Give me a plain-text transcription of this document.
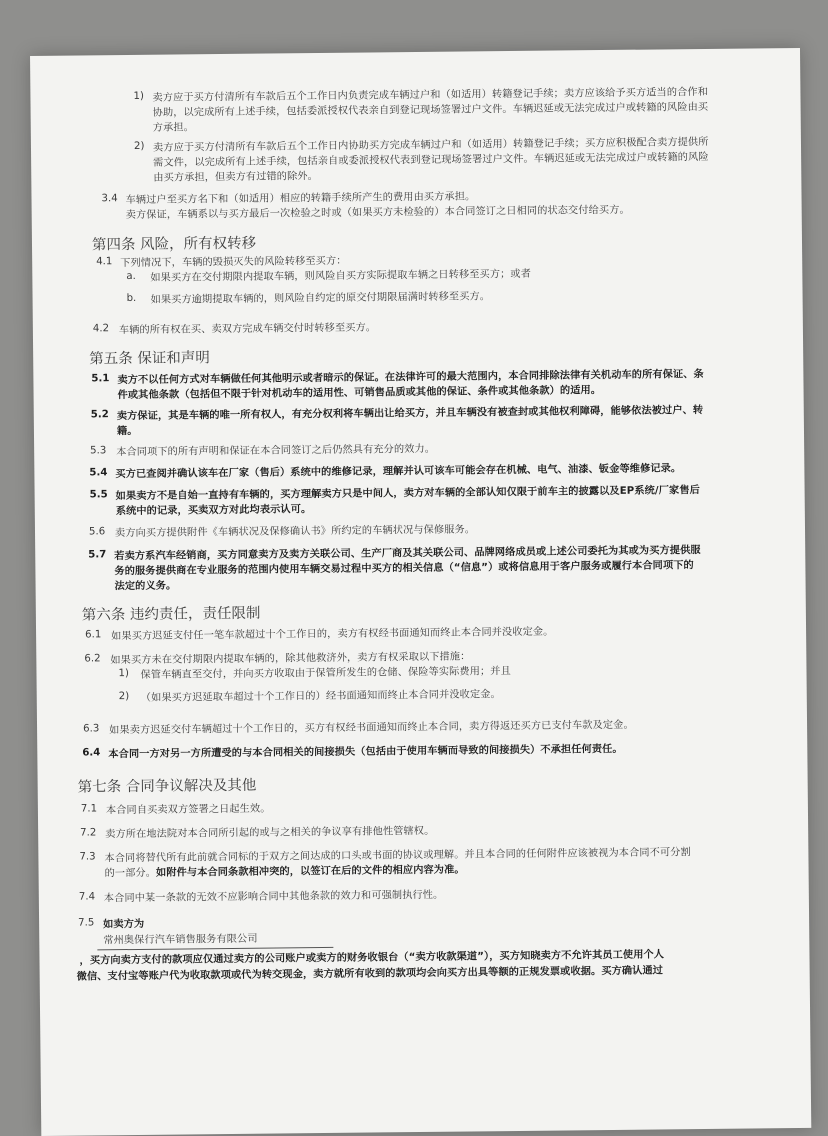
1) 卖方应于买方付清所有车款后五个工作日内负责完成车辆过户和（如适用）转籍登记手续；卖方应该给予买方适当的合作和
协助，以完成所有上述手续，包括委派授权代表亲自到登记现场签署过户文件。车辆迟延或无法完成过户或转籍的风险由买
方承担。
2) 卖方应于买方付清所有车款后五个工作日内协助买方完成车辆过户和（如适用）转籍登记手续；买方应积极配合卖方提供所
需文件，以完成所有上述手续，包括亲自或委派授权代表到登记现场签署过户文件。车辆迟延或无法完成过户或转籍的风险
由买方承担，但卖方有过错的除外。
3.4 车辆过户至买方名下和（如适用）相应的转籍手续所产生的费用由买方承担。
卖方保证，车辆系以与买方最后一次检验之时或（如果买方未检验的）本合同签订之日相同的状态交付给买方。
第四条 风险，所有权转移
4.1 下列情况下，车辆的毁损灭失的风险转移至买方：
a. 如果买方在交付期限内提取车辆，则风险自买方实际提取车辆之日转移至买方；或者
b. 如果买方逾期提取车辆的，则风险自约定的原交付期限届满时转移至买方。
4.2 车辆的所有权在买、卖双方完成车辆交付时转移至买方。
第五条 保证和声明
5.1 卖方不以任何方式对车辆做任何其他明示或者暗示的保证。在法律许可的最大范围内，本合同排除法律有关机动车的所有保证、条
件或其他条款（包括但不限于针对机动车的适用性、可销售品质或其他的保证、条件或其他条款）的适用。
5.2 卖方保证，其是车辆的唯一所有权人，有充分权利将车辆出让给买方，并且车辆没有被查封或其他权利障碍，能够依法被过户、转
籍。
5.3 本合同项下的所有声明和保证在本合同签订之后仍然具有充分的效力。
5.4 买方已查阅并确认该车在厂家（售后）系统中的维修记录，理解并认可该车可能会存在机械、电气、油漆、钣金等维修记录。
5.5 如果卖方不是自始一直持有车辆的，买方理解卖方只是中间人，卖方对车辆的全部认知仅限于前车主的披露以及EP系统/厂家售后
系统中的记录，买卖双方对此均表示认可。
5.6 卖方向买方提供附件《车辆状况及保修确认书》所约定的车辆状况与保修服务。
5.7 若卖方系汽车经销商，买方同意卖方及卖方关联公司、生产厂商及其关联公司、品牌网络成员或上述公司委托为其或为买方提供服
务的服务提供商在专业服务的范围内使用车辆交易过程中买方的相关信息（“信息”）或将信息用于客户服务或履行本合同项下的
法定的义务。
第六条 违约责任，责任限制
6.1 如果买方迟延支付任一笔车款超过十个工作日的，卖方有权经书面通知而终止本合同并没收定金。
6.2 如果买方未在交付期限内提取车辆的，除其他救济外，卖方有权采取以下措施：
1) 保管车辆直至交付，并向买方收取由于保管所发生的仓储、保险等实际费用；并且
2) （如果买方迟延取车超过十个工作日的）经书面通知而终止本合同并没收定金。
6.3 如果卖方迟延交付车辆超过十个工作日的，买方有权经书面通知而终止本合同，卖方得返还买方已支付车款及定金。
6.4 本合同一方对另一方所遭受的与本合同相关的间接损失（包括由于使用车辆而导致的间接损失）不承担任何责任。
第七条 合同争议解决及其他
7.1 本合同自买卖双方签署之日起生效。
7.2 卖方所在地法院对本合同所引起的或与之相关的争议享有排他性管辖权。
7.3 本合同将替代所有此前就合同标的于双方之间达成的口头或书面的协议或理解。并且本合同的任何附件应该被视为本合同不可分割
的一部分。如附件与本合同条款相冲突的，以签订在后的文件的相应内容为准。
7.4 本合同中某一条款的无效不应影响合同中其他条款的效力和可强制执行性。
7.5 如卖方为
常州奥保行汽车销售服务有限公司
，买方向卖方支付的款项应仅通过卖方的公司账户或卖方的财务收银台（“卖方收款渠道”），买方知晓卖方不允许其员工使用个人
微信、支付宝等账户代为收取款项或代为转交现金，卖方就所有收到的款项均会向买方出具等额的正规发票或收据。买方确认通过
